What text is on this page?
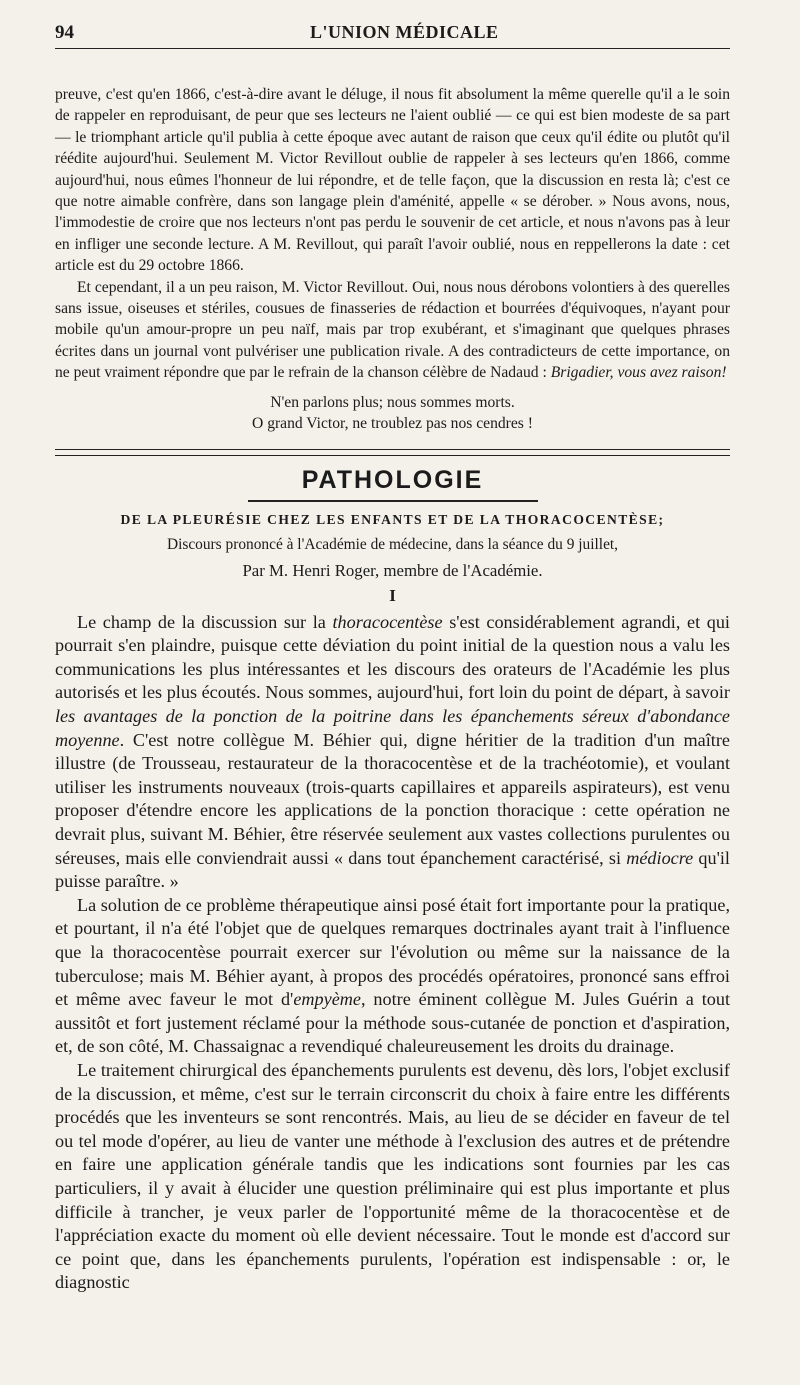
94	L'UNION MÉDICALE

preuve, c'est qu'en 1866, c'est-à-dire avant le déluge, il nous fit absolument la même querelle qu'il a le soin de rappeler en reproduisant, de peur que ses lecteurs ne l'aient oublié — ce qui est bien modeste de sa part — le triomphant article qu'il publia à cette époque avec autant de raison que ceux qu'il édite ou plutôt qu'il réédite aujourd'hui. Seulement M. Victor Revillout oublie de rappeler à ses lecteurs qu'en 1866, comme aujourd'hui, nous eûmes l'honneur de lui répondre, et de telle façon, que la discussion en resta là; c'est ce que notre aimable confrère, dans son langage plein d'aménité, appelle « se dérober. » Nous avons, nous, l'immodestie de croire que nos lecteurs n'ont pas perdu le souvenir de cet article, et nous n'avons pas à leur en infliger une seconde lecture. A M. Revillout, qui paraît l'avoir oublié, nous en reppellerons la date : cet article est du 29 octobre 1866.

Et cependant, il a un peu raison, M. Victor Revillout. Oui, nous nous dérobons volontiers à des querelles sans issue, oiseuses et stériles, cousues de finasseries de rédaction et bourrées d'équivoques, n'ayant pour mobile qu'un amour-propre un peu naïf, mais par trop exubérant, et s'imaginant que quelques phrases écrites dans un journal vont pulvériser une publication rivale. A des contradicteurs de cette importance, on ne peut vraiment répondre que par le refrain de la chanson célèbre de Nadaud : Brigadier, vous avez raison!

N'en parlons plus; nous sommes morts.
O grand Victor, ne troublez pas nos cendres !
PATHOLOGIE
DE LA PLEURÉSIE CHEZ LES ENFANTS ET DE LA THORACOCENTÈSE;
Discours prononcé à l'Académie de médecine, dans la séance du 9 juillet,
Par M. Henri Roger, membre de l'Académie.
I

Le champ de la discussion sur la thoracocentèse s'est considérablement agrandi, et qui pourrait s'en plaindre, puisque cette déviation du point initial de la question nous a valu les communications les plus intéressantes et les discours des orateurs de l'Académie les plus autorisés et les plus écoutés. Nous sommes, aujourd'hui, fort loin du point de départ, à savoir les avantages de la ponction de la poitrine dans les épanchements séreux d'abondance moyenne. C'est notre collègue M. Béhier qui, digne héritier de la tradition d'un maître illustre (de Trousseau, restaurateur de la thoracocentèse et de la trachéotomie), et voulant utiliser les instruments nouveaux (trois-quarts capillaires et appareils aspirateurs), est venu proposer d'étendre encore les applications de la ponction thoracique : cette opération ne devrait plus, suivant M. Béhier, être réservée seulement aux vastes collections purulentes ou séreuses, mais elle conviendrait aussi « dans tout épanchement caractérisé, si médiocre qu'il puisse paraître. »

La solution de ce problème thérapeutique ainsi posé était fort importante pour la pratique, et pourtant, il n'a été l'objet que de quelques remarques doctrinales ayant trait à l'influence que la thoracocentèse pourrait exercer sur l'évolution ou même sur la naissance de la tuberculose; mais M. Béhier ayant, à propos des procédés opératoires, prononcé sans effroi et même avec faveur le mot d'empyème, notre éminent collègue M. Jules Guérin a tout aussitôt et fort justement réclamé pour la méthode sous-cutanée de ponction et d'aspiration, et, de son côté, M. Chassaignac a revendiqué chaleureusement les droits du drainage.

Le traitement chirurgical des épanchements purulents est devenu, dès lors, l'objet exclusif de la discussion, et même, c'est sur le terrain circonscrit du choix à faire entre les différents procédés que les inventeurs se sont rencontrés. Mais, au lieu de se décider en faveur de tel ou tel mode d'opérer, au lieu de vanter une méthode à l'exclusion des autres et de prétendre en faire une application générale tandis que les indications sont fournies par les cas particuliers, il y avait à élucider une question préliminaire qui est plus importante et plus difficile à trancher, je veux parler de l'opportunité même de la thoracocentèse et de l'appréciation exacte du moment où elle devient nécessaire. Tout le monde est d'accord sur ce point que, dans les épanchements purulents, l'opération est indispensable : or, le diagnostic
